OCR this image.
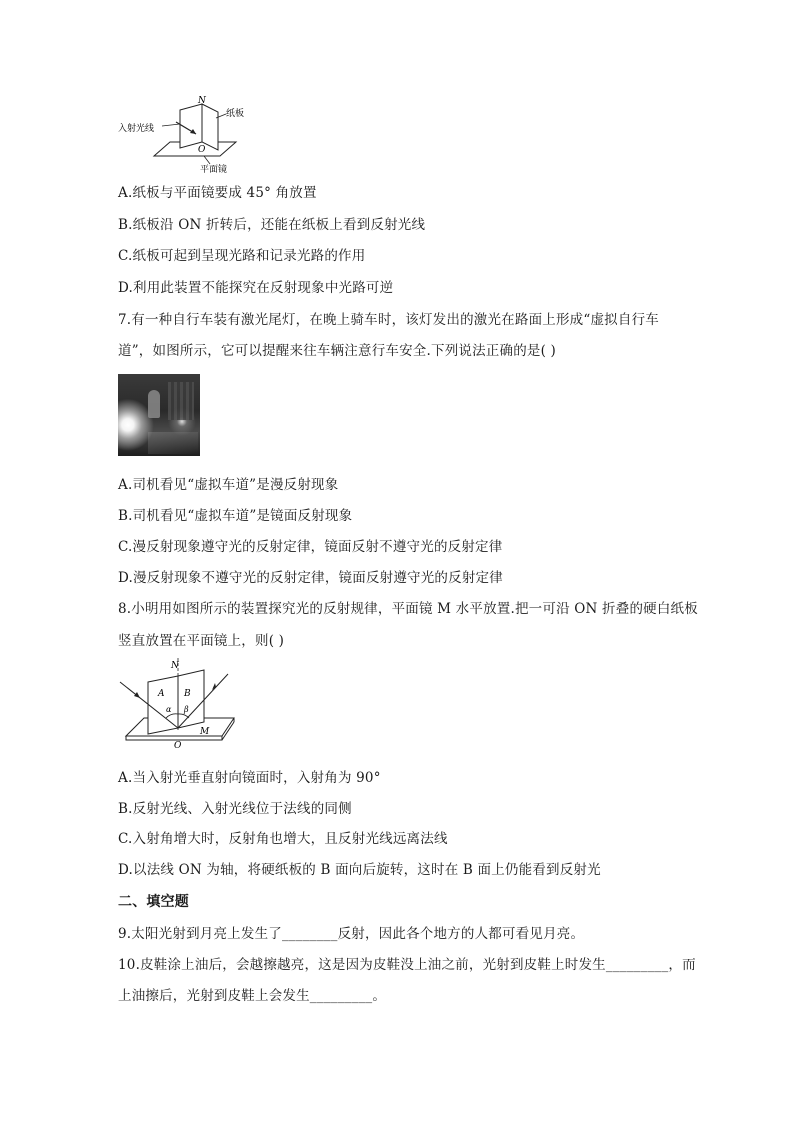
N
纸板
入射光线
O
平面镜
A.纸板与平面镜要成 45° 角放置
B.纸板沿 ON 折转后，还能在纸板上看到反射光线
C.纸板可起到呈现光路和记录光路的作用
D.利用此装置不能探究在反射现象中光路可逆
7.有一种自行车装有激光尾灯，在晚上骑车时，该灯发出的激光在路面上形成“虚拟自行车
道”，如图所示，它可以提醒来往车辆注意行车安全.下列说法正确的是( )
A.司机看见“虚拟车道”是漫反射现象
B.司机看见“虚拟车道”是镜面反射现象
C.漫反射现象遵守光的反射定律，镜面反射不遵守光的反射定律
D.漫反射现象不遵守光的反射定律，镜面反射遵守光的反射定律
8.小明用如图所示的装置探究光的反射规律，平面镜 M 水平放置.把一可沿 ON 折叠的硬白纸板
竖直放置在平面镜上，则( )
N
A B
α β
O
M
A.当入射光垂直射向镜面时，入射角为 90°
B.反射光线、入射光线位于法线的同侧
C.入射角增大时，反射角也增大，且反射光线远离法线
D.以法线 ON 为轴，将硬纸板的 B 面向后旋转，这时在 B 面上仍能看到反射光
二、填空题
9.太阳光射到月亮上发生了________反射，因此各个地方的人都可看见月亮。
10.皮鞋涂上油后，会越擦越亮，这是因为皮鞋没上油之前，光射到皮鞋上时发生_________，而
上油擦后，光射到皮鞋上会发生_________。
